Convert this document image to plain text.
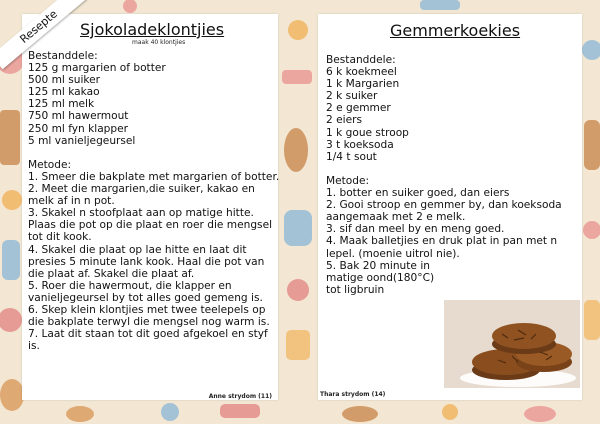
Sjokoladeklontjies
maak 40 klontjies
Bestanddele:
125 g margarien of botter
500 ml suiker
125 ml kakao
125 ml melk
750 ml hawermout
250 ml fyn klapper
5 ml vanieljegeursel
Metode:
1. Smeer die bakplate met margarien of botter.
2. Meet die margarien,die suiker, kakao en
melk af in n pot.
3. Skakel n stoofplaat aan op matige hitte.
Plaas die pot op die plaat en roer die mengsel
tot dit kook.
4. Skakel die plaat op lae hitte en laat dit
presies 5 minute lank kook. Haal die pot van
die plaat af. Skakel die plaat af.
5. Roer die hawermout, die klapper en
vanieljegeursel by tot alles goed gemeng is.
6. Skep klein klontjies met twee teelepels op
die bakplate terwyl die mengsel nog warm is.
7. Laat dit staan tot dit goed afgekoel en styf
is.
Anne strydom (11)
Gemmerkoekies
Bestanddele:
6 k koekmeel
1 k Margarien
2 k suiker
2 e gemmer
2 eiers
1 k goue stroop
3 t koeksoda
1/4 t sout
Metode:
1. botter en suiker goed, dan eiers
2. Gooi stroop en gemmer by, dan koeksoda
aangemaak met 2 e melk.
3. sif dan meel by en meng goed.
4. Maak balletjies en druk plat in pan met n
lepel. (moenie uitrol nie).
5. Bak 20 minute in
matige oond(180°C)
tot ligbruin
Thara strydom (14)
Resepte
